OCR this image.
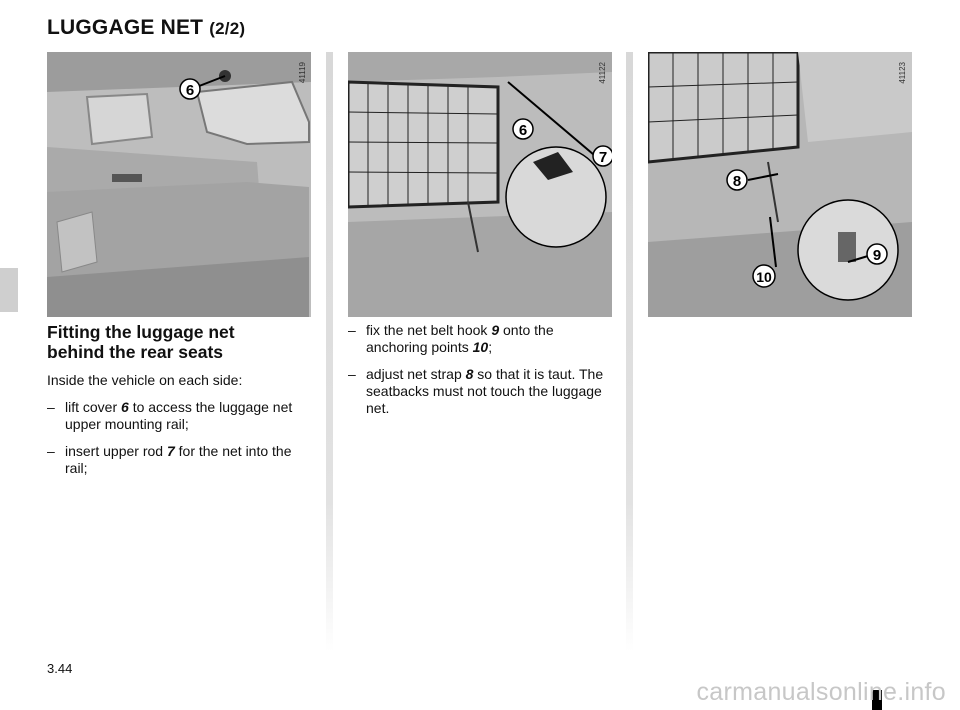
LUGGAGE NET (2/2)
6
41119
6
7
41122
8
9
10
41123
Fitting the luggage net behind the rear seats
Inside the vehicle on each side:
– lift cover 6 to access the luggage net upper mounting rail;
– insert upper rod 7 for the net into the rail;
– fix the net belt hook 9 onto the anchoring points 10;
– adjust net strap 8 so that it is taut. The seatbacks must not touch the luggage net.
3.44
carmanualsonline.info
